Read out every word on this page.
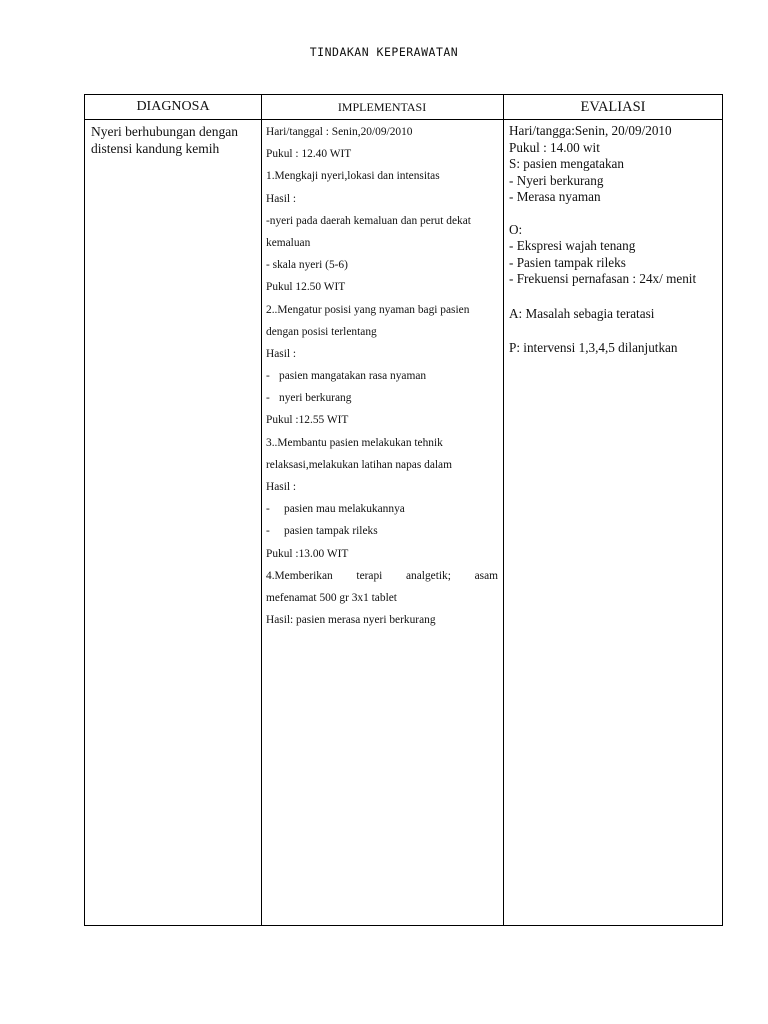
TINDAKAN KEPERAWATAN
DIAGNOSA	IMPLEMENTASI	EVALIASI
Nyeri berhubungan dengan
distensi kandung kemih
Hari/tanggal : Senin,20/09/2010
Pukul : 12.40 WIT
1.Mengkaji nyeri,lokasi dan intensitas
Hasil :
-nyeri pada daerah kemaluan dan perut dekat
kemaluan
- skala nyeri (5-6)
Pukul 12.50 WIT
2..Mengatur posisi yang nyaman bagi pasien
dengan posisi terlentang
Hasil :
- pasien mangatakan rasa nyaman
- nyeri berkurang
Pukul :12.55 WIT
3..Membantu pasien melakukan tehnik
relaksasi,melakukan latihan napas dalam
Hasil :
- pasien mau melakukannya
- pasien tampak rileks
Pukul :13.00 WIT
4.Memberikan terapi analgetik; asam
mefenamat 500 gr 3x1 tablet
Hasil: pasien merasa nyeri berkurang
Hari/tangga:Senin, 20/09/2010
Pukul : 14.00 wit
S: pasien mengatakan
- Nyeri berkurang
- Merasa nyaman
O:
- Ekspresi wajah tenang
- Pasien tampak rileks
- Frekuensi pernafasan : 24x/ menit
A: Masalah sebagia teratasi
P: intervensi 1,3,4,5 dilanjutkan
